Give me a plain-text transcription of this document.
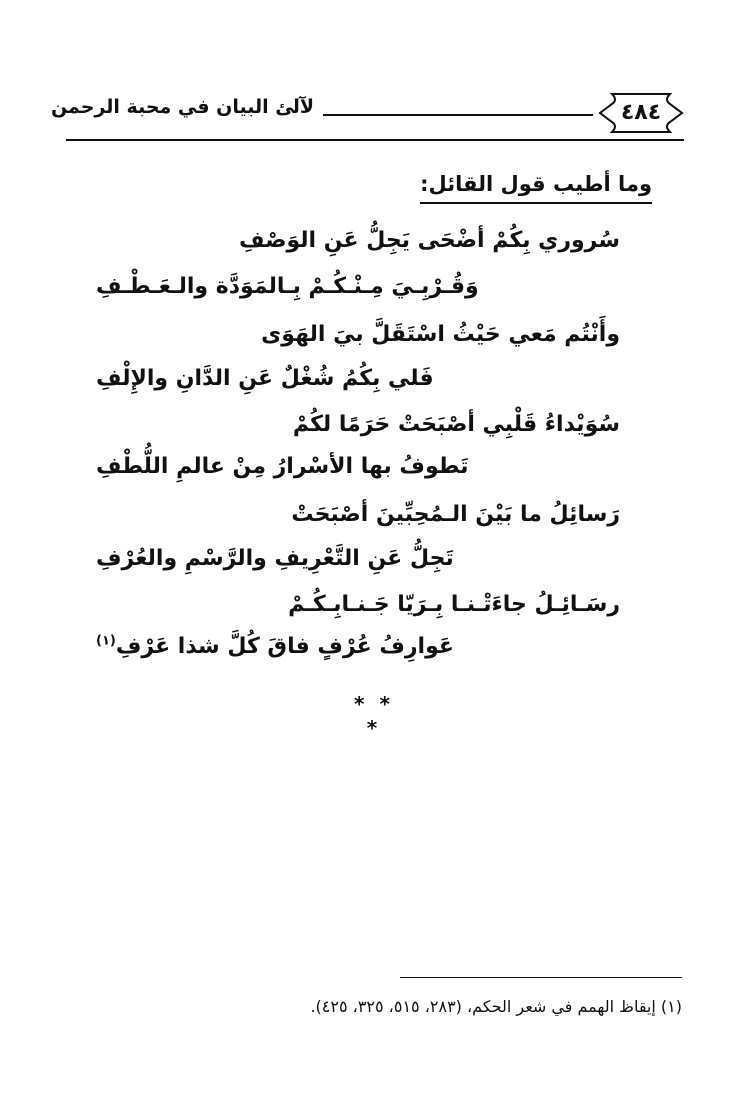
٤٨٤
لآلئ البيان في محبة الرحمن
وما أطيب قول القائل:
سُروري بِكُمْ أضْحَى يَجِلُّ عَنِ الوَصْفِ
وَقُـرْبِـيَ مِـنْـكُـمْ بِـالمَوَدَّة والـعَـطْـفِ
وأَنْتُم مَعي حَيْثُ اسْتَقَلَّ بيَ الهَوَى
فَلي بِكُمُ شُغْلٌ عَنِ الدَّانِ والإِلْفِ
سُوَيْداءُ قَلْبِي أصْبَحَتْ حَرَمًا لكُمْ
تَطوفُ بها الأسْرارُ مِنْ عالمِ اللُّطْفِ
رَسائِلُ ما بَيْنَ الـمُحِبِّينَ أصْبَحَتْ
تَجِلُّ عَنِ التَّعْرِيفِ والرَّسْمِ والعُرْفِ
رسَـائِـلُ جاءَتْـنـا بِـرَيّا جَـنـابِـكُـمْ
عَوارِفُ عُرْفٍ فاقَ كُلَّ شذا عَرْفِ$^{(١)}$
* * *
(١) إيقاظ الهمم في شعر الحكم، (٢٨٣، ٥١٥، ٣٢٥، ٤٢٥).
